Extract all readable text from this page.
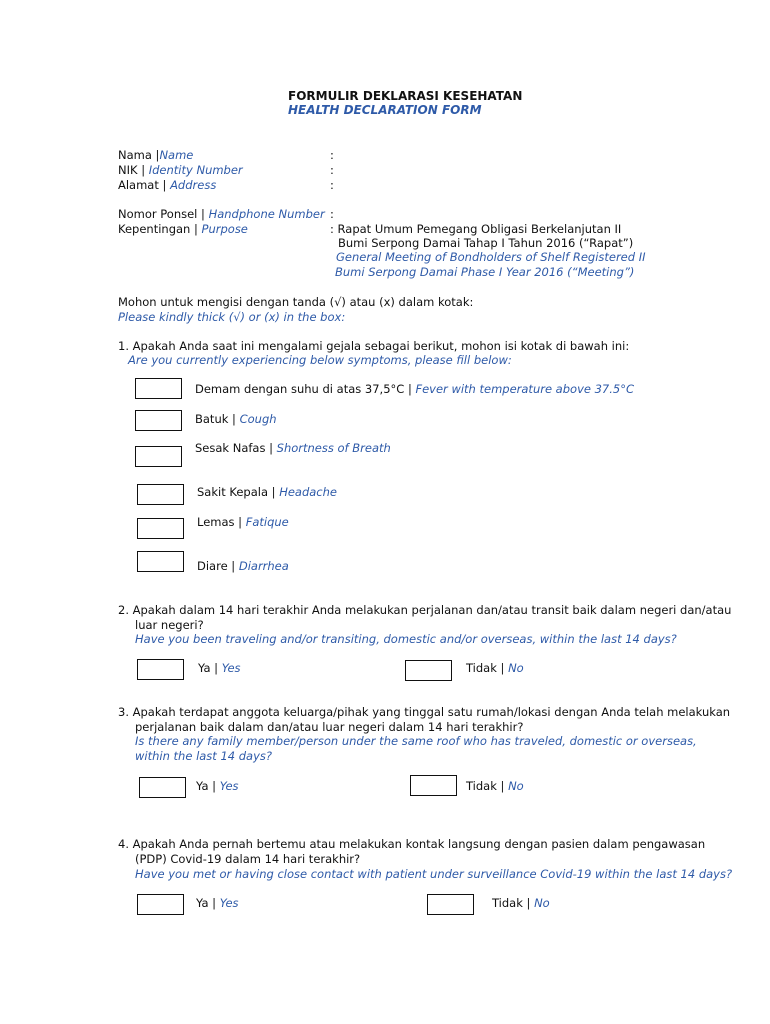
FORMULIR DEKLARASI KESEHATAN
HEALTH DECLARATION FORM
Nama |Name	:
NIK | Identity Number	:
Alamat | Address	:
Nomor Ponsel | Handphone Number :
Kepentingan | Purpose	: Rapat Umum Pemegang Obligasi Berkelanjutan II
Bumi Serpong Damai Tahap I Tahun 2016 (“Rapat”)
General Meeting of Bondholders of Shelf Registered II
Bumi Serpong Damai Phase I Year 2016 (“Meeting”)
Mohon untuk mengisi dengan tanda (√) atau (x) dalam kotak:
Please kindly thick (√) or (x) in the box:
1. Apakah Anda saat ini mengalami gejala sebagai berikut, mohon isi kotak di bawah ini:
Are you currently experiencing below symptoms, please fill below:
Demam dengan suhu di atas 37,5°C | Fever with temperature above 37.5°C
Batuk | Cough
Sesak Nafas | Shortness of Breath
Sakit Kepala | Headache
Lemas | Fatique
Diare | Diarrhea
2. Apakah dalam 14 hari terakhir Anda melakukan perjalanan dan/atau transit baik dalam negeri dan/atau
luar negeri?
Have you been traveling and/or transiting, domestic and/or overseas, within the last 14 days?
Ya | Yes	Tidak | No
3. Apakah terdapat anggota keluarga/pihak yang tinggal satu rumah/lokasi dengan Anda telah melakukan
perjalanan baik dalam dan/atau luar negeri dalam 14 hari terakhir?
Is there any family member/person under the same roof who has traveled, domestic or overseas,
within the last 14 days?
Ya | Yes	Tidak | No
4. Apakah Anda pernah bertemu atau melakukan kontak langsung dengan pasien dalam pengawasan
(PDP) Covid-19 dalam 14 hari terakhir?
Have you met or having close contact with patient under surveillance Covid-19 within the last 14 days?
Ya | Yes	Tidak | No
